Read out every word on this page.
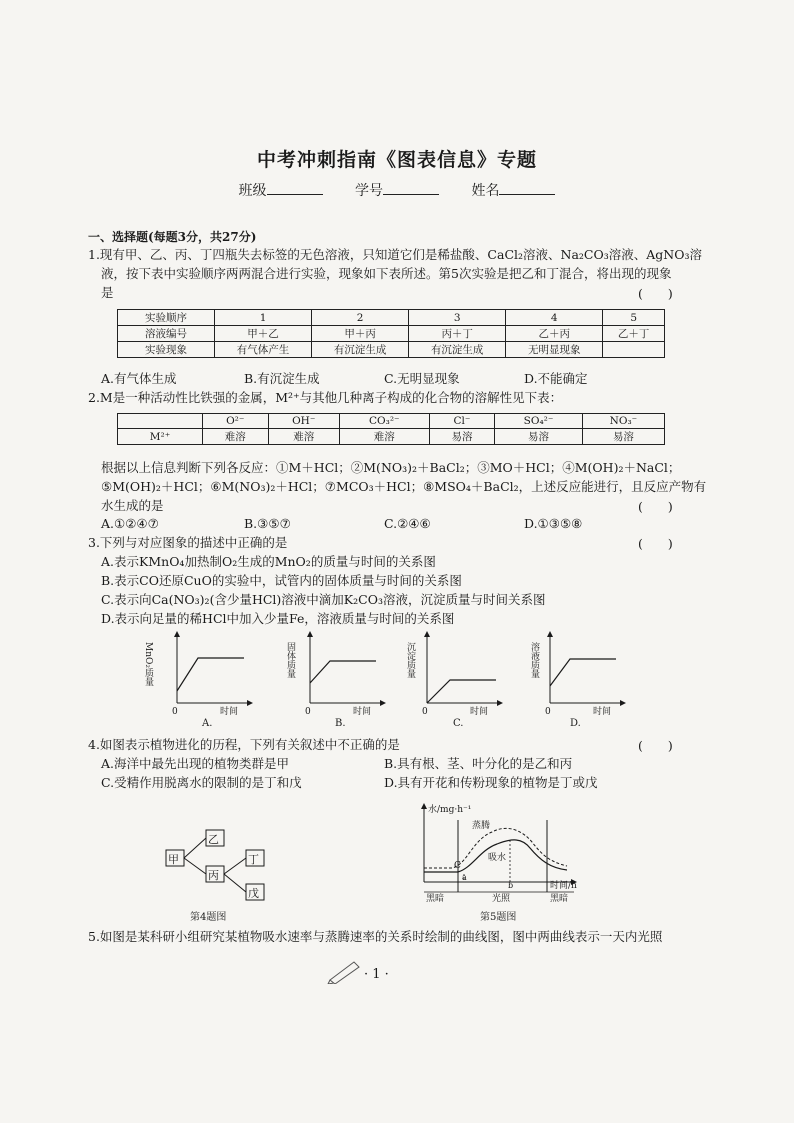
中考冲刺指南《图表信息》专题
班级	学号	姓名
一、选择题(每题3分，共27分)
1.现有甲、乙、丙、丁四瓶失去标签的无色溶液，只知道它们是稀盐酸、CaCl₂溶液、Na₂CO₃溶液、AgNO₃溶
液，按下表中实验顺序两两混合进行实验，现象如下表所述。第5次实验是把乙和丁混合，将出现的现象
是	(　　)
实验顺序	1	2	3	4	5
溶液编号	甲＋乙	甲＋丙	丙＋丁	乙＋丙	乙＋丁
实验现象	有气体产生	有沉淀生成	有沉淀生成	无明显现象	
A.有气体生成	B.有沉淀生成	C.无明显现象	D.不能确定
2.M是一种活动性比铁强的金属，M²⁺与其他几种离子构成的化合物的溶解性见下表：
	O²⁻	OH⁻	CO₃²⁻	Cl⁻	SO₄²⁻	NO₃⁻
M²⁺	难溶	难溶	难溶	易溶	易溶	易溶
根据以上信息判断下列各反应：①M＋HCl；②M(NO₃)₂＋BaCl₂；③MO＋HCl；④M(OH)₂＋NaCl；
⑤M(OH)₂＋HCl；⑥M(NO₃)₂＋HCl；⑦MCO₃＋HCl；⑧MSO₄＋BaCl₂，上述反应能进行，且反应产物有
水生成的是	(　　)
A.①②④⑦	B.③⑤⑦	C.②④⑥	D.①③⑤⑧
3.下列与对应图象的描述中正确的是	(　　)
A.表示KMnO₄加热制O₂生成的MnO₂的质量与时间的关系图
B.表示CO还原CuO的实验中，试管内的固体质量与时间的关系图
C.表示向Ca(NO₃)₂(含少量HCl)溶液中滴加K₂CO₃溶液，沉淀质量与时间关系图
D.表示向足量的稀HCl中加入少量Fe，溶液质量与时间的关系图
MnO₂质量
0	时间
A.
固体质量
0	时间
B.
沉淀质量
0	时间
C.
溶液质量
0	时间
D.
4.如图表示植物进化的历程，下列有关叙述中不正确的是	(　　)
A.海洋中最先出现的植物类群是甲	B.具有根、茎、叶分化的是乙和丙
C.受精作用脱离水的限制的是丁和戊	D.具有开花和传粉现象的植物是丁或戊
甲
乙
丙
丁
戊
第4题图
水/mg·h⁻¹
蒸腾
吸水
C
a
b
黑暗	光照	黑暗
时间/h
第5题图
5.如图是某科研小组研究某植物吸水速率与蒸腾速率的关系时绘制的曲线图，图中两曲线表示一天内光照
· 1 ·
